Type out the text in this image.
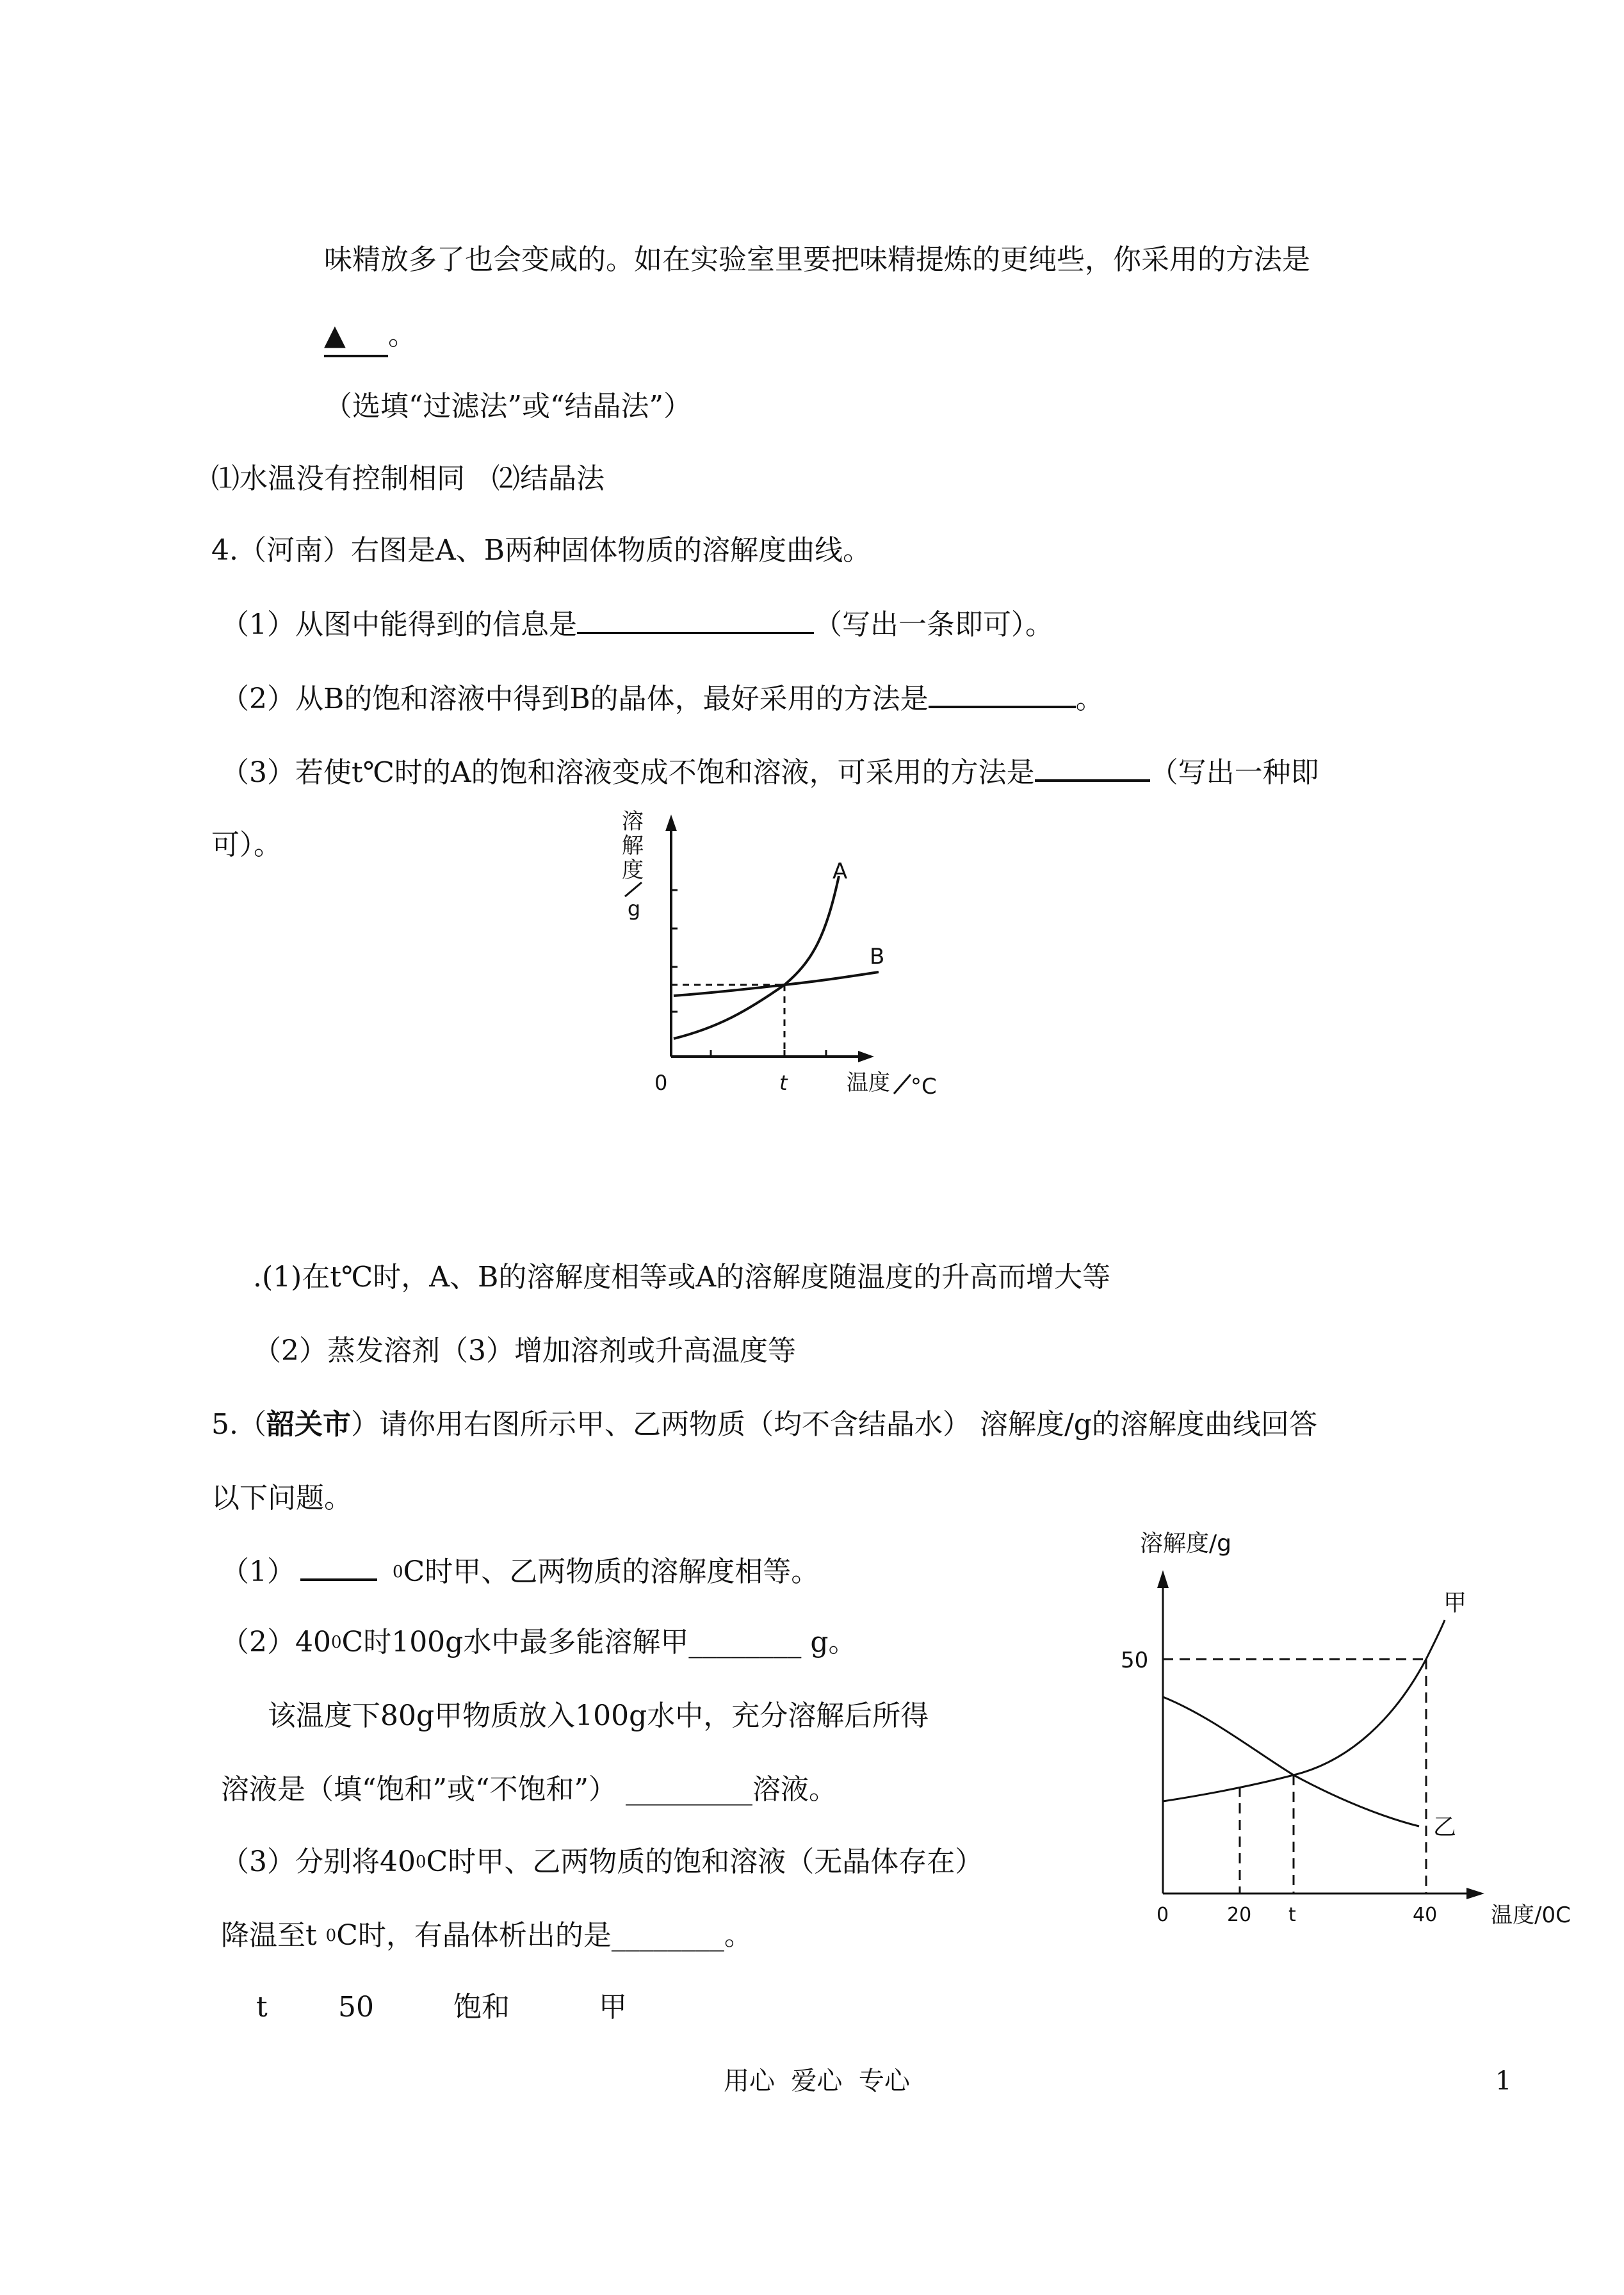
味精放多了也会变咸的。如在实验室里要把味精提炼的更纯些，你采用的方法是
▲ 。
（选填“过滤法”或“结晶法”）
⑴水温没有控制相同   ⑵结晶法
4.（河南）右图是A、B两种固体物质的溶解度曲线。
（1）从图中能得到的信息是	（写出一条即可）。
（2）从B的饱和溶液中得到B的晶体，最好采用的方法是	。
（3）若使t℃时的A的饱和溶液变成不饱和溶液，可采用的方法是	（写出一种即
可）。
溶
解
度
g
A
B
0	t	温度 °C
.(1)在t℃时，A、B的溶解度相等或A的溶解度随温度的升高而增大等
（2）蒸发溶剂（3）增加溶剂或升高温度等
5.（韶关市）请你用右图所示甲、乙两物质（均不含结晶水） 溶解度/g的溶解度曲线回答
以下问题。
（1）	$^0$C时甲、乙两物质的溶解度相等。
$(2)40^0C$时100g水中最多能溶解甲________ g。
该温度下80g甲物质放入100g水中，充分溶解后所得
溶液是（填“饱和”或“不饱和”） _________溶液。
（3）分别将$40^0C$时甲、乙两物质的饱和溶液（无晶体存在）
降温至t $^0$C时，有晶体析出的是________。
t	50	饱和	甲
溶解度/g
50
甲
乙
0	20 t	40 温度/0C
用心  爱心  专心	1
